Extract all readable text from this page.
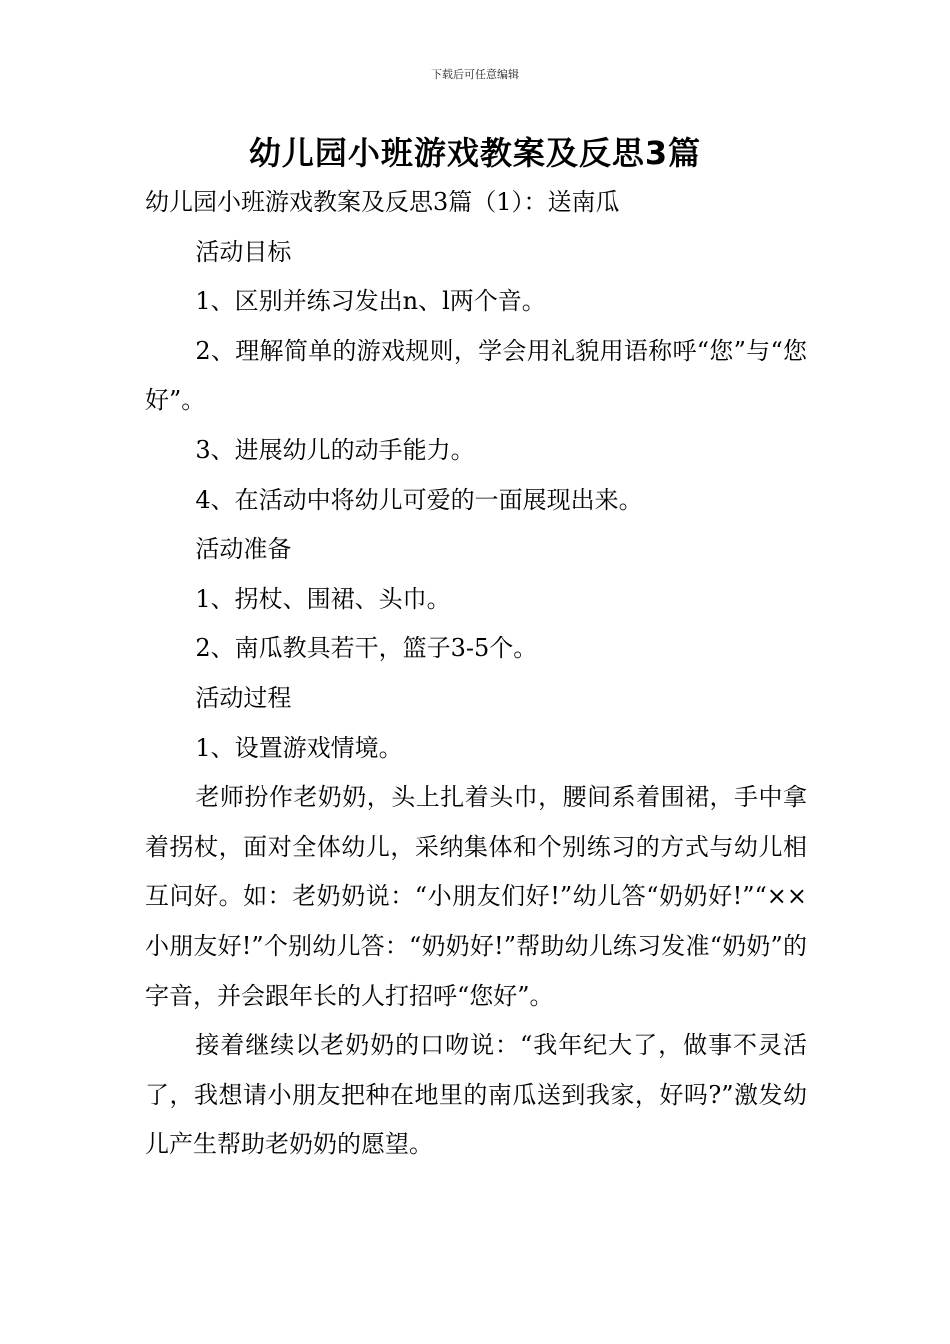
下载后可任意编辑
幼儿园小班游戏教案及反思3篇

幼儿园小班游戏教案及反思3篇（1）：送南瓜

活动目标

1、区别并练习发出n、l两个音。

2、理解简单的游戏规则，学会用礼貌用语称呼“您”与“您好”。

3、进展幼儿的动手能力。

4、在活动中将幼儿可爱的一面展现出来。

活动准备

1、拐杖、围裙、头巾。

2、南瓜教具若干，篮子3-5个。

活动过程

1、设置游戏情境。

老师扮作老奶奶，头上扎着头巾，腰间系着围裙，手中拿着拐杖，面对全体幼儿，采纳集体和个别练习的方式与幼儿相互问好。如：老奶奶说：“小朋友们好!”幼儿答“奶奶好!”“××小朋友好!”个别幼儿答：“奶奶好!”帮助幼儿练习发准“奶奶”的字音，并会跟年长的人打招呼“您好”。

接着继续以老奶奶的口吻说：“我年纪大了，做事不灵活了，我想请小朋友把种在地里的南瓜送到我家，好吗?”激发幼儿产生帮助老奶奶的愿望。
